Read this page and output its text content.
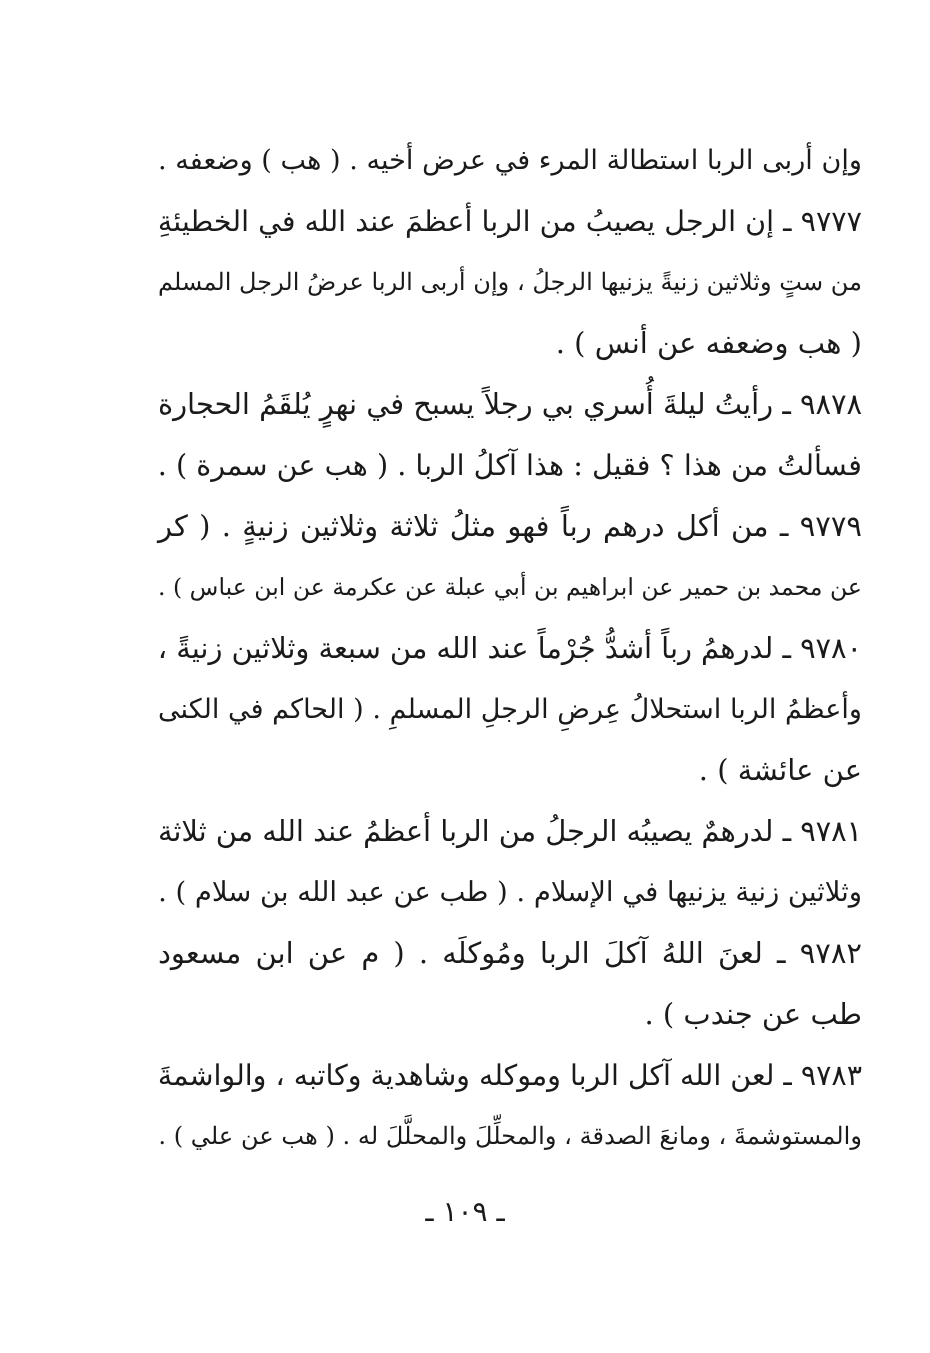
وإن أربى الربا استطالة المرء في عرض أخيه . ( هب ) وضعفه .
٩٧٧٧ ـ إن الرجل يصيبُ من الربا أعظمَ عند الله في الخطيئةِ
من ستٍ وثلاثين زنيةً يزنيها الرجلُ ، وإن أربى الربا عرضُ الرجل المسلم
( هب وضعفه عن أنس ) .
٩٨٧٨ ـ رأيتُ ليلةَ أُسري بي رجلاً يسبح في نهرٍ يُلقَمُ الحجارة
فسألتُ من هذا ؟ فقيل : هذا آكلُ الربا . ( هب عن سمرة ) .
٩٧٧٩ ـ من أكل درهم رباً فهو مثلُ ثلاثة وثلاثين زنيةٍ . ( كر
عن محمد بن حمير عن ابراهيم بن أبي عبلة عن عكرمة عن ابن عباس ) .
٩٧٨٠ ـ لدرهمُ رباً أشدُّ جُرْماً عند الله من سبعة وثلاثين زنيةً ،
وأعظمُ الربا استحلالُ عِرضِ الرجلِ المسلمِ . ( الحاكم في الكنى
عن عائشة ) .
٩٧٨١ ـ لدرهمٌ يصيبُه الرجلُ من الربا أعظمُ عند الله من ثلاثة
وثلاثين زنية يزنيها في الإسلام . ( طب عن عبد الله بن سلام ) .
٩٧٨٢ ـ لعنَ اللهُ آكلَ الربا ومُوكلَه . ( م عن ابن مسعود
طب عن جندب ) .
٩٧٨٣ ـ لعن الله آكل الربا وموكله وشاهدية وكاتبه ، والواشمةَ
والمستوشمةَ ، ومانعَ الصدقة ، والمحلِّلَ والمحلَّلَ له . ( هب عن علي ) .
ـ ١٠٩ ـ
